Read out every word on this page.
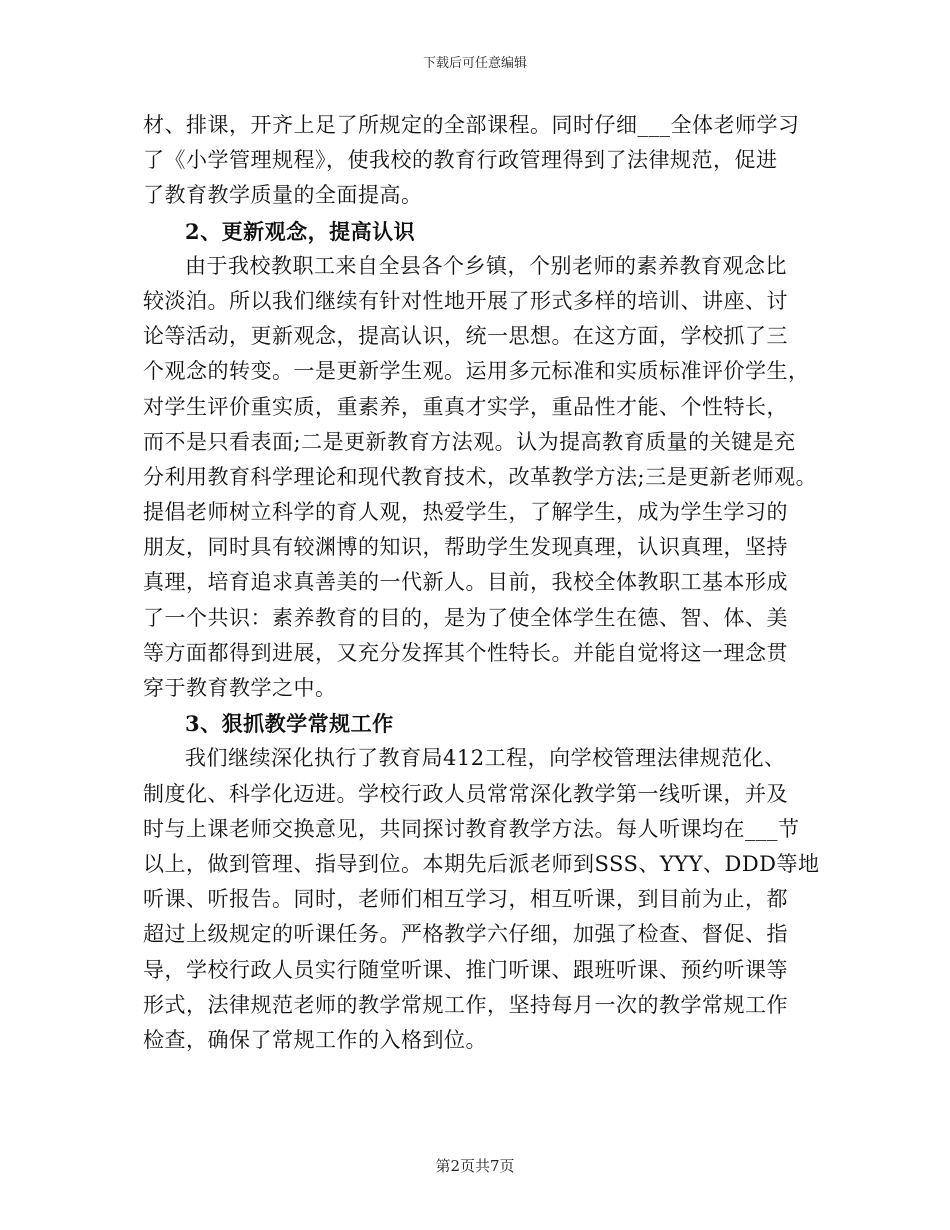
下载后可任意编辑
材、排课，开齐上足了所规定的全部课程。同时仔细___全体老师学习
了《小学管理规程》，使我校的教育行政管理得到了法律规范，促进
了教育教学质量的全面提高。
2、更新观念，提高认识
由于我校教职工来自全县各个乡镇，个别老师的素养教育观念比
较淡泊。所以我们继续有针对性地开展了形式多样的培训、讲座、讨
论等活动，更新观念，提高认识，统一思想。在这方面，学校抓了三
个观念的转变。一是更新学生观。运用多元标准和实质标准评价学生，
对学生评价重实质，重素养，重真才实学，重品性才能、个性特长，
而不是只看表面;二是更新教育方法观。认为提高教育质量的关键是充
分利用教育科学理论和现代教育技术，改革教学方法;三是更新老师观。
提倡老师树立科学的育人观，热爱学生，了解学生，成为学生学习的
朋友，同时具有较渊博的知识，帮助学生发现真理，认识真理，坚持
真理，培育追求真善美的一代新人。目前，我校全体教职工基本形成
了一个共识：素养教育的目的，是为了使全体学生在德、智、体、美
等方面都得到进展，又充分发挥其个性特长。并能自觉将这一理念贯
穿于教育教学之中。
3、狠抓教学常规工作
我们继续深化执行了教育局412工程，向学校管理法律规范化、
制度化、科学化迈进。学校行政人员常常深化教学第一线听课，并及
时与上课老师交换意见，共同探讨教育教学方法。每人听课均在___节
以上，做到管理、指导到位。本期先后派老师到SSS、YYY、DDD等地
听课、听报告。同时，老师们相互学习，相互听课，到目前为止，都
超过上级规定的听课任务。严格教学六仔细，加强了检查、督促、指
导，学校行政人员实行随堂听课、推门听课、跟班听课、预约听课等
形式，法律规范老师的教学常规工作，坚持每月一次的教学常规工作
检查，确保了常规工作的入格到位。
第2页共7页
